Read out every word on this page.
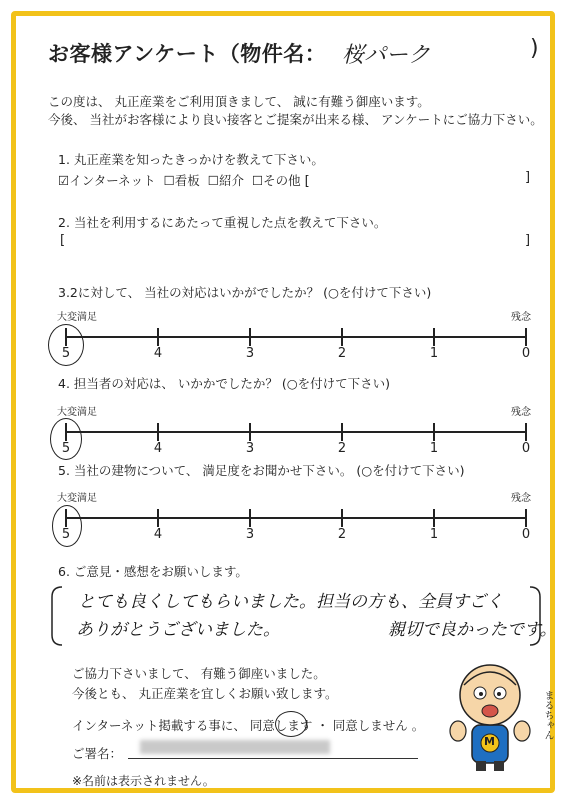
お客様アンケート（物件名： 桜パーク	)
この度は、 丸正産業をご利用頂きまして、 誠に有難う御座います。
今後、 当社がお客様により良い接客とご提案が出来る様、 アンケートにご協力下さい。
1. 丸正産業を知ったきっかけを教えて下さい。
☑インターネット ☐看板 ☐紹介 ☐その他 [	]
2. 当社を利用するにあたって重視した点を教えて下さい。
[	]
3.2に対して、 当社の対応はいかがでしたか？ (○を付けて下さい)
大変満足	残念
5	4	3	2	1	0
4. 担当者の対応は、 いかかでしたか？ (○を付けて下さい)
大変満足	残念
5	4	3	2	1	0
5. 当社の建物について、 満足度をお聞かせ下さい。 (○を付けて下さい)
大変満足	残念
5	4	3	2	1	0
6. ご意見・感想をお願いします。
とても良くしてもらいました。担当の方も、全員すごく
ありがとうございました。	親切で良かったです。
ご協力下さいまして、 有難う御座いました。
今後とも、 丸正産業を宜しくお願い致します。
インターネット掲載する事に、 同意します ・ 同意しません 。
ご署名：
※名前は表示されません。
M
まるちゃん
